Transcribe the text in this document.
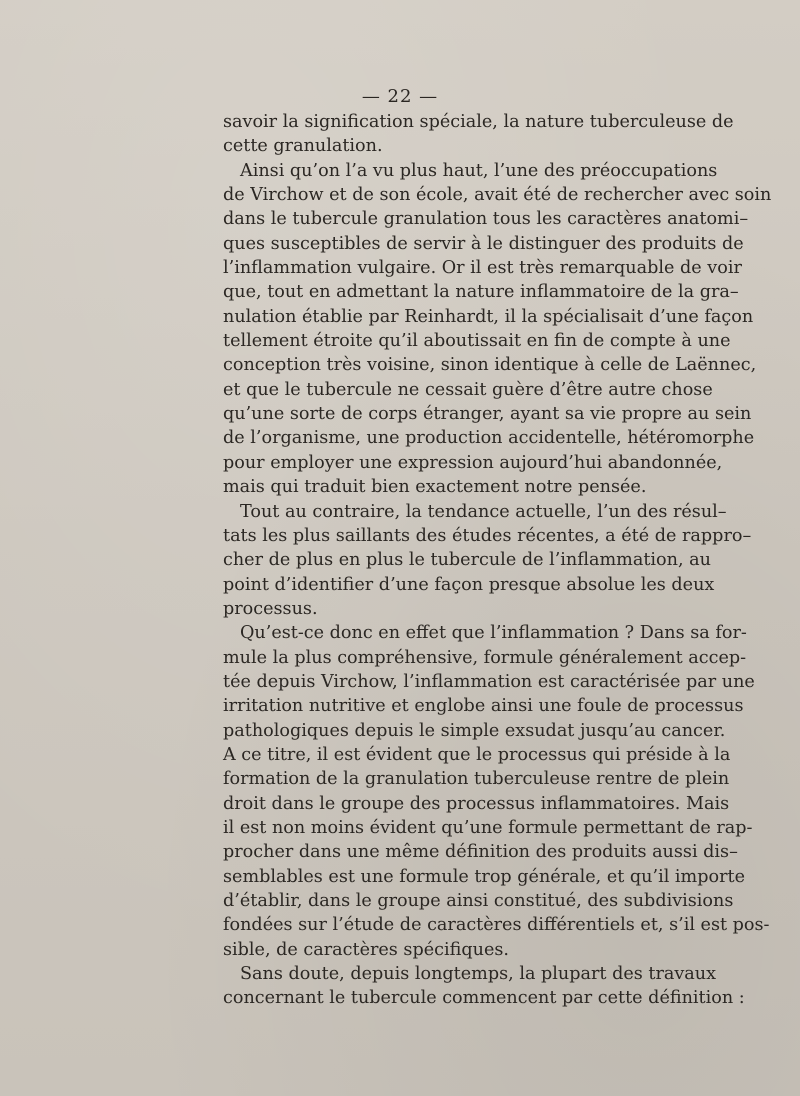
— 22 —
savoir la signification spéciale, la nature tuberculeuse de
cette granulation.
Ainsi qu’on l’a vu plus haut, l’une des préoccupations
de Virchow et de son école, avait été de rechercher avec soin
dans le tubercule granulation tous les caractères anatomi–
ques susceptibles de servir à le distinguer des produits de
l’inflammation vulgaire. Or il est très remarquable de voir
que, tout en admettant la nature inflammatoire de la gra–
nulation établie par Reinhardt, il la spécialisait d’une façon
tellement étroite qu’il aboutissait en fin de compte à une
conception très voisine, sinon identique à celle de Laënnec,
et que le tubercule ne cessait guère d’être autre chose
qu’une sorte de corps étranger, ayant sa vie propre au sein
de l’organisme, une production accidentelle, hétéromorphe
pour employer une expression aujourd’hui abandonnée,
mais qui traduit bien exactement notre pensée.
Tout au contraire, la tendance actuelle, l’un des résul–
tats les plus saillants des études récentes, a été de rappro–
cher de plus en plus le tubercule de l’inflammation, au
point d’identifier d’une façon presque absolue les deux
processus.
Qu’est-ce donc en effet que l’inflammation ? Dans sa for-
mule la plus compréhensive, formule généralement accep-
tée depuis Virchow, l’inflammation est caractérisée par une
irritation nutritive et englobe ainsi une foule de processus
pathologiques depuis le simple exsudat jusqu’au cancer.
A ce titre, il est évident que le processus qui préside à la
formation de la granulation tuberculeuse rentre de plein
droit dans le groupe des processus inflammatoires. Mais
il est non moins évident qu’une formule permettant de rap-
procher dans une même définition des produits aussi dis–
semblables est une formule trop générale, et qu’il importe
d’établir, dans le groupe ainsi constitué, des subdivisions
fondées sur l’étude de caractères différentiels et, s’il est pos-
sible, de caractères spécifiques.
Sans doute, depuis longtemps, la plupart des travaux
concernant le tubercule commencent par cette définition :
